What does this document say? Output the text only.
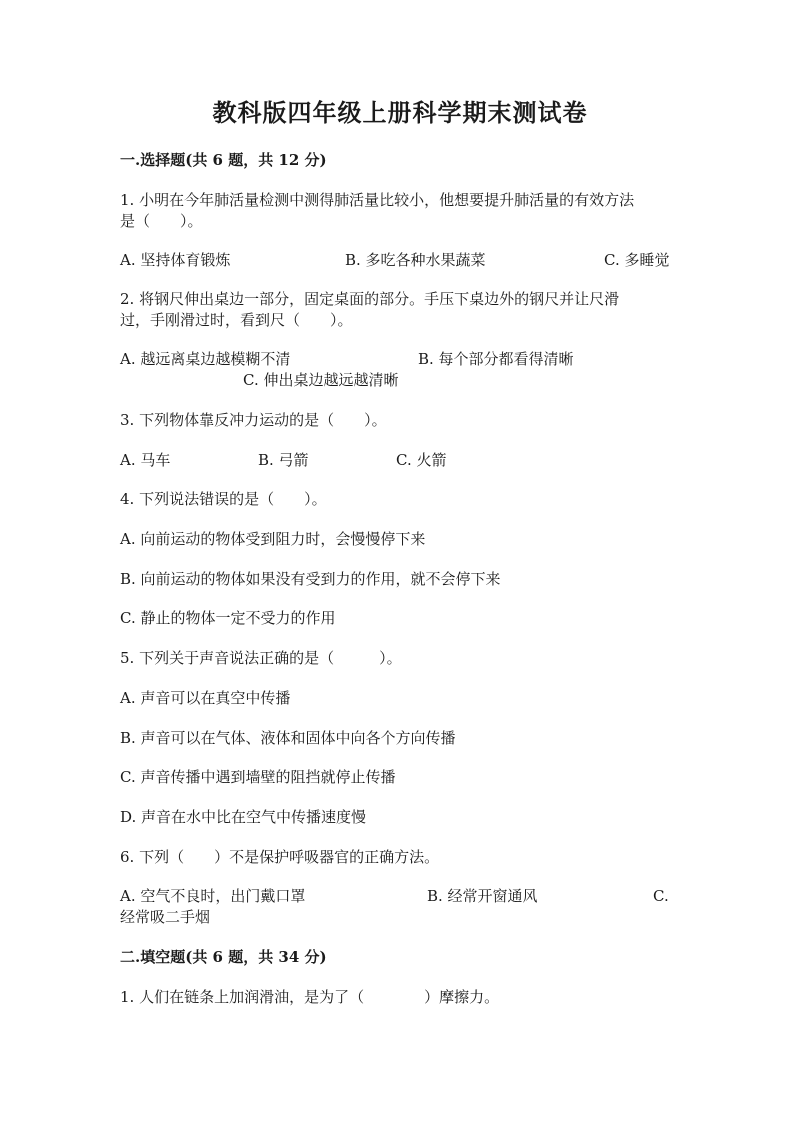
教科版四年级上册科学期末测试卷
一.选择题(共 6 题，共 12 分)
1. 小明在今年肺活量检测中测得肺活量比较小，他想要提升肺活量的有效方法
是（　　）。
A. 坚持体育锻炼	B. 多吃各种水果蔬菜	C. 多睡觉
2. 将钢尺伸出桌边一部分，固定桌面的部分。手压下桌边外的钢尺并让尺滑
过，手刚滑过时，看到尺（　　）。
A. 越远离桌边越模糊不清	B. 每个部分都看得清晰
C. 伸出桌边越远越清晰
3. 下列物体靠反冲力运动的是（　　）。
A. 马车	B. 弓箭	C. 火箭
4. 下列说法错误的是（　　）。
A. 向前运动的物体受到阻力时，会慢慢停下来
B. 向前运动的物体如果没有受到力的作用，就不会停下来
C. 静止的物体一定不受力的作用
5. 下列关于声音说法正确的是（　　　）。
A. 声音可以在真空中传播
B. 声音可以在气体、液体和固体中向各个方向传播
C. 声音传播中遇到墙壁的阻挡就停止传播
D. 声音在水中比在空气中传播速度慢
6. 下列（　　）不是保护呼吸器官的正确方法。
A. 空气不良时，出门戴口罩	B. 经常开窗通风	C.
经常吸二手烟
二.填空题(共 6 题，共 34 分)
1. 人们在链条上加润滑油，是为了（　　　　）摩擦力。
